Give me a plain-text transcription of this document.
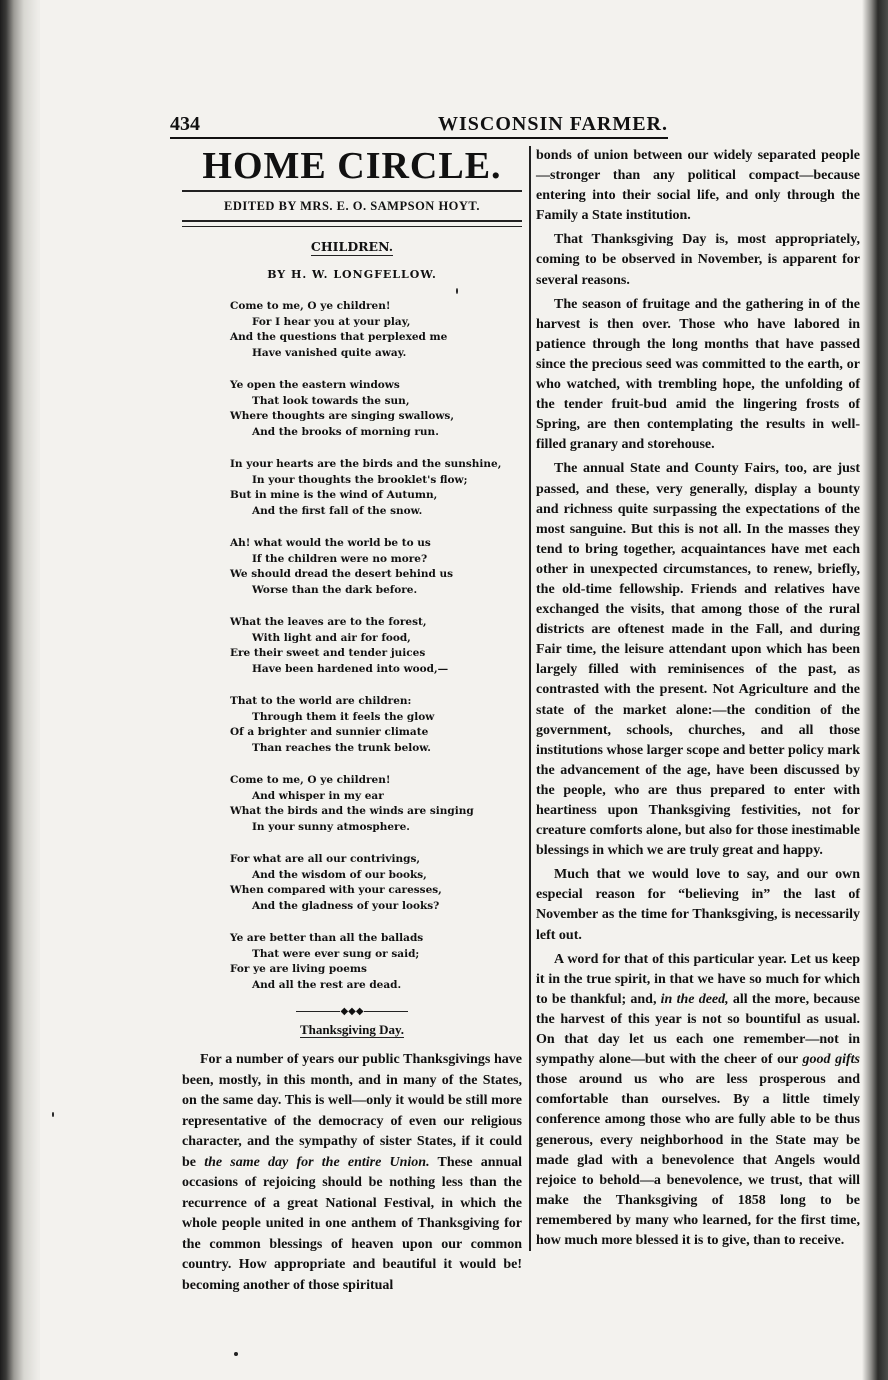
434	WISCONSIN FARMER.
HOME CIRCLE.
EDITED BY MRS. E. O. SAMPSON HOYT.
CHILDREN.
BY H. W. LONGFELLOW.
Come to me, O ye children!
For I hear you at your play,
And the questions that perplexed me
Have vanished quite away.
Ye open the eastern windows
That look towards the sun,
Where thoughts are singing swallows,
And the brooks of morning run.
In your hearts are the birds and the sunshine,
In your thoughts the brooklet's flow;
But in mine is the wind of Autumn,
And the first fall of the snow.
Ah! what would the world be to us
If the children were no more?
We should dread the desert behind us
Worse than the dark before.
What the leaves are to the forest,
With light and air for food,
Ere their sweet and tender juices
Have been hardened into wood,—
That to the world are children:
Through them it feels the glow
Of a brighter and sunnier climate
Than reaches the trunk below.
Come to me, O ye children!
And whisper in my ear
What the birds and the winds are singing
In your sunny atmosphere.
For what are all our contrivings,
And the wisdom of our books,
When compared with your caresses,
And the gladness of your looks?
Ye are better than all the ballads
That were ever sung or said;
For ye are living poems
And all the rest are dead.
◆◆◆
Thanksgiving Day.

For a number of years our public Thanksgivings have been, mostly, in this month, and in many of the States, on the same day. This is well—only it would be still more representative of the democracy of even our religious character, and the sympathy of sister States, if it could be the same day for the entire Union. These annual occasions of rejoicing should be nothing less than the recurrence of a great National Festival, in which the whole people united in one anthem of Thanksgiving for the common blessings of heaven upon our common country. How appropriate and beautiful it would be! becoming another of those spiritual

bonds of union between our widely separated people—stronger than any political compact—because entering into their social life, and only through the Family a State institution.

That Thanksgiving Day is, most appropriately, coming to be observed in November, is apparent for several reasons.

The season of fruitage and the gathering in of the harvest is then over. Those who have labored in patience through the long months that have passed since the precious seed was committed to the earth, or who watched, with trembling hope, the unfolding of the tender fruit-bud amid the lingering frosts of Spring, are then contemplating the results in well-filled granary and storehouse.

The annual State and County Fairs, too, are just passed, and these, very generally, display a bounty and richness quite surpassing the expectations of the most sanguine. But this is not all. In the masses they tend to bring together, acquaintances have met each other in unexpected circumstances, to renew, briefly, the old-time fellowship. Friends and relatives have exchanged the visits, that among those of the rural districts are oftenest made in the Fall, and during Fair time, the leisure attendant upon which has been largely filled with reminisences of the past, as contrasted with the present. Not Agriculture and the state of the market alone:—the condition of the government, schools, churches, and all those institutions whose larger scope and better policy mark the advancement of the age, have been discussed by the people, who are thus prepared to enter with heartiness upon Thanksgiving festivities, not for creature comforts alone, but also for those inestimable blessings in which we are truly great and happy.

Much that we would love to say, and our own especial reason for “believing in” the last of November as the time for Thanksgiving, is necessarily left out.

A word for that of this particular year. Let us keep it in the true spirit, in that we have so much for which to be thankful; and, in the deed, all the more, because the harvest of this year is not so bountiful as usual. On that day let us each one remember—not in sympathy alone—but with the cheer of our good gifts those around us who are less prosperous and comfortable than ourselves. By a little timely conference among those who are fully able to be thus generous, every neighborhood in the State may be made glad with a benevolence that Angels would rejoice to behold—a benevolence, we trust, that will make the Thanksgiving of 1858 long to be remembered by many who learned, for the first time, how much more blessed it is to give, than to receive.
